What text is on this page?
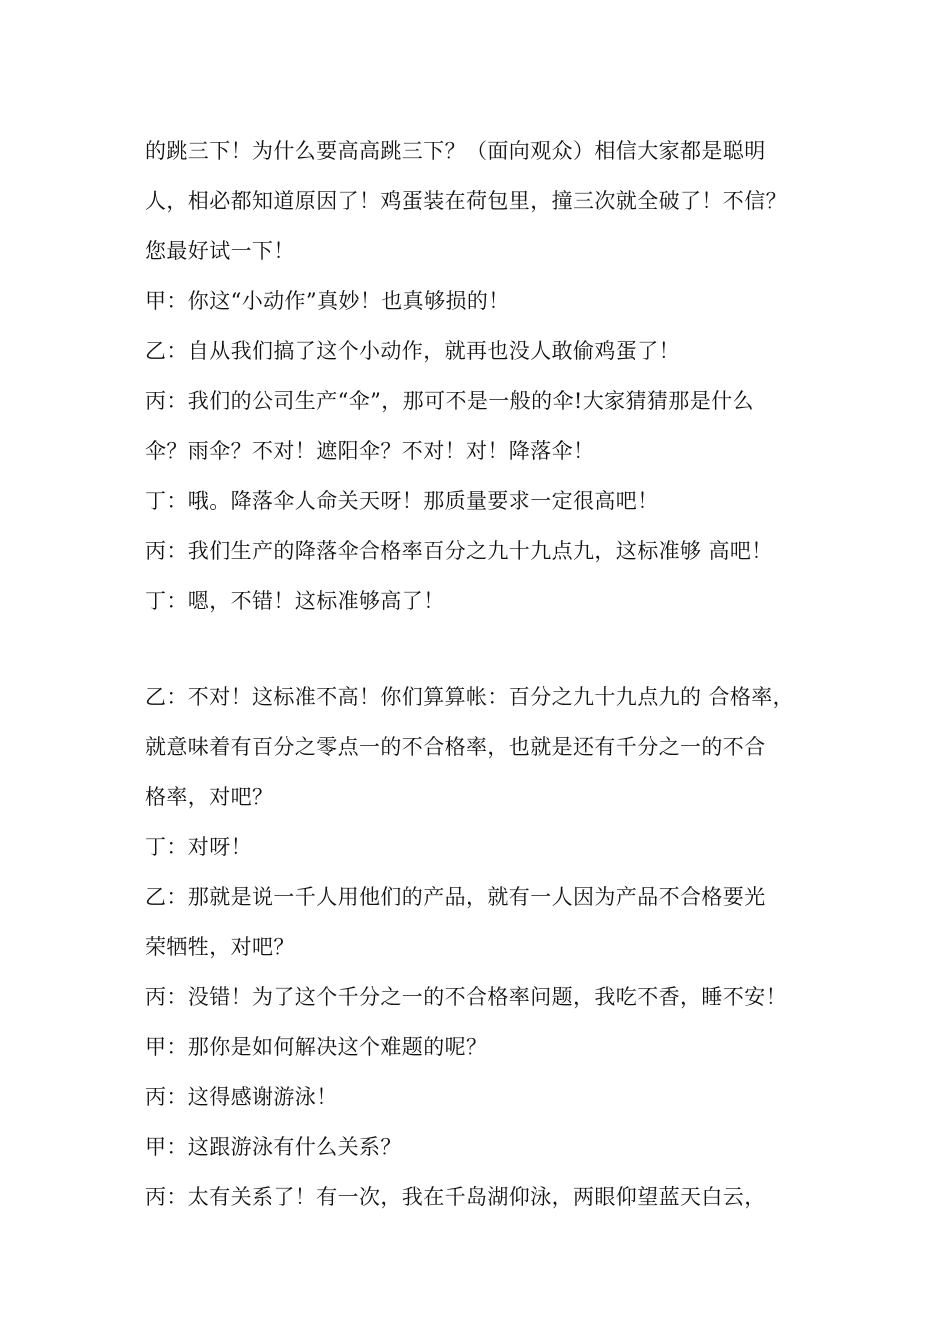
的跳三下！为什么要高高跳三下？（面向观众）相信大家都是聪明

人，相必都知道原因了！鸡蛋装在荷包里，撞三次就全破了！不信？

您最好试一下！

甲：你这“小动作”真妙！也真够损的！

乙：自从我们搞了这个小动作，就再也没人敢偷鸡蛋了！

丙：我们的公司生产“伞”，那可不是一般的伞!大家猜猜那是什么

伞？雨伞？不对！遮阳伞？不对！对！降落伞！

丁：哦。降落伞人命关天呀！那质量要求一定很高吧！

丙：我们生产的降落伞合格率百分之九十九点九，这标准够 高吧！

丁：嗯，不错！这标准够高了！

乙：不对！这标准不高！你们算算帐：百分之九十九点九的 合格率，

就意味着有百分之零点一的不合格率，也就是还有千分之一的不合

格率，对吧？

丁：对呀！

乙：那就是说一千人用他们的产品，就有一人因为产品不合格要光

荣牺牲，对吧？

丙：没错！为了这个千分之一的不合格率问题，我吃不香，睡不安！

甲：那你是如何解决这个难题的呢？

丙：这得感谢游泳！

甲：这跟游泳有什么关系？

丙：太有关系了！有一次，我在千岛湖仰泳，两眼仰望蓝天白云，
